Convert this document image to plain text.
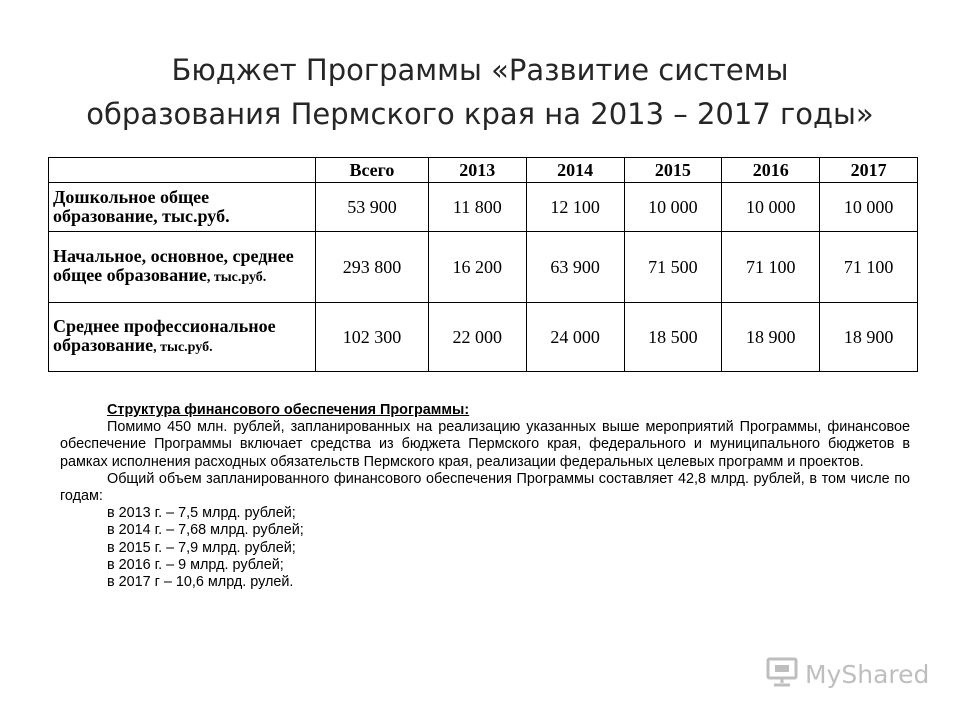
Бюджет Программы «Развитие системы
образования Пермского края на 2013 – 2017 годы»
	Всего	2013	2014	2015	2016	2017
Дошкольное общее образование, тыс.руб.	53 900	11 800	12 100	10 000	10 000	10 000
Начальное, основное, среднее общее образование, тыс.руб.	293 800	16 200	63 900	71 500	71 100	71 100
Среднее профессиональное образование, тыс.руб.	102 300	22 000	24 000	18 500	18 900	18 900

Структура финансового обеспечения Программы:

Помимо 450 млн. рублей, запланированных на реализацию указанных выше мероприятий Программы, финансовое обеспечение Программы включает средства из бюджета Пермского края, федерального и муниципального бюджетов в рамках исполнения расходных обязательств Пермского края, реализации федеральных целевых программ и проектов.

Общий объем запланированного финансового обеспечения Программы составляет 42,8 млрд. рублей, в том числе по годам:

в 2013 г. – 7,5 млрд. рублей;

в 2014 г. – 7,68 млрд. рублей;

в 2015 г. – 7,9 млрд. рублей;

в 2016 г. – 9 млрд. рублей;

в 2017 г – 10,6 млрд. рулей.

MyShared
